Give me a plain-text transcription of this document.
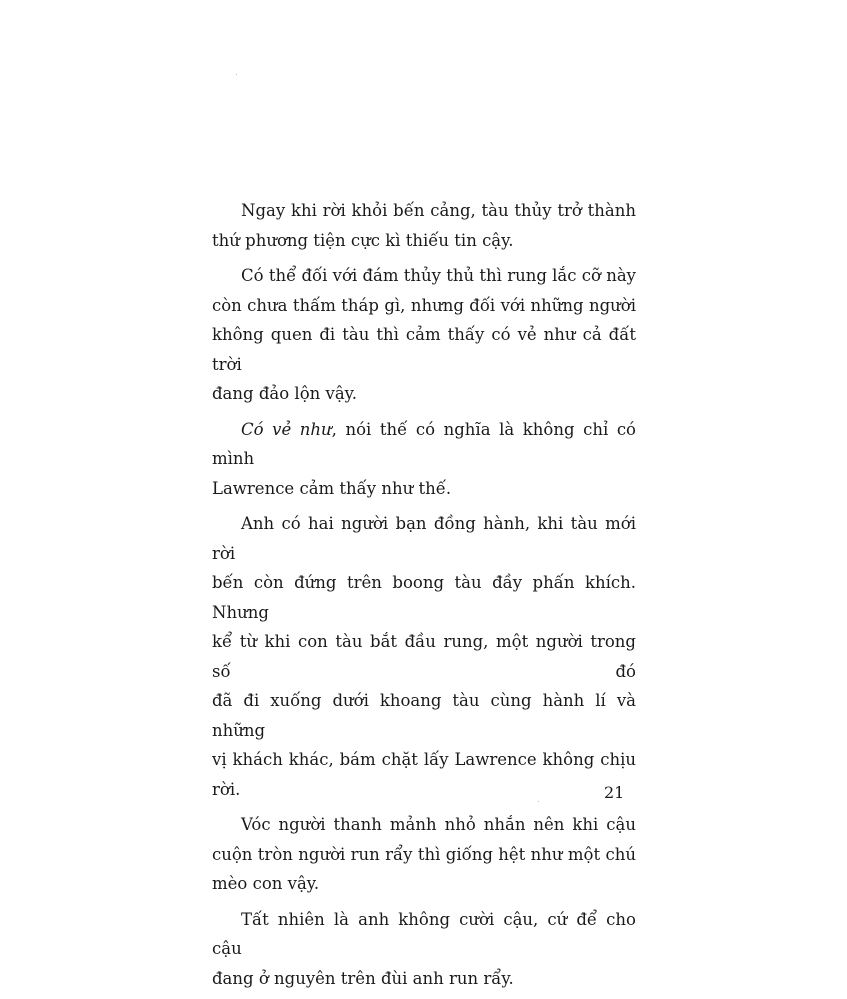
Ngay khi rời khỏi bến cảng, tàu thủy trở thành
thứ phương tiện cực kì thiếu tin cậy.

Có thể đối với đám thủy thủ thì rung lắc cỡ này
còn chưa thấm tháp gì, nhưng đối với những người
không quen đi tàu thì cảm thấy có vẻ như cả đất trời
đang đảo lộn vậy.

Có vẻ như, nói thế có nghĩa là không chỉ có mình
Lawrence cảm thấy như thế.

Anh có hai người bạn đồng hành, khi tàu mới rời
bến còn đứng trên boong tàu đầy phấn khích. Nhưng
kể từ khi con tàu bắt đầu rung, một người trong số đó
đã đi xuống dưới khoang tàu cùng hành lí và những
vị khách khác, bám chặt lấy Lawrence không chịu rời.

Vóc người thanh mảnh nhỏ nhắn nên khi cậu
cuộn tròn người run rẩy thì giống hệt như một chú
mèo con vậy.

Tất nhiên là anh không cười cậu, cứ để cho cậu
đang ở nguyên trên đùi anh run rẩy.

21
